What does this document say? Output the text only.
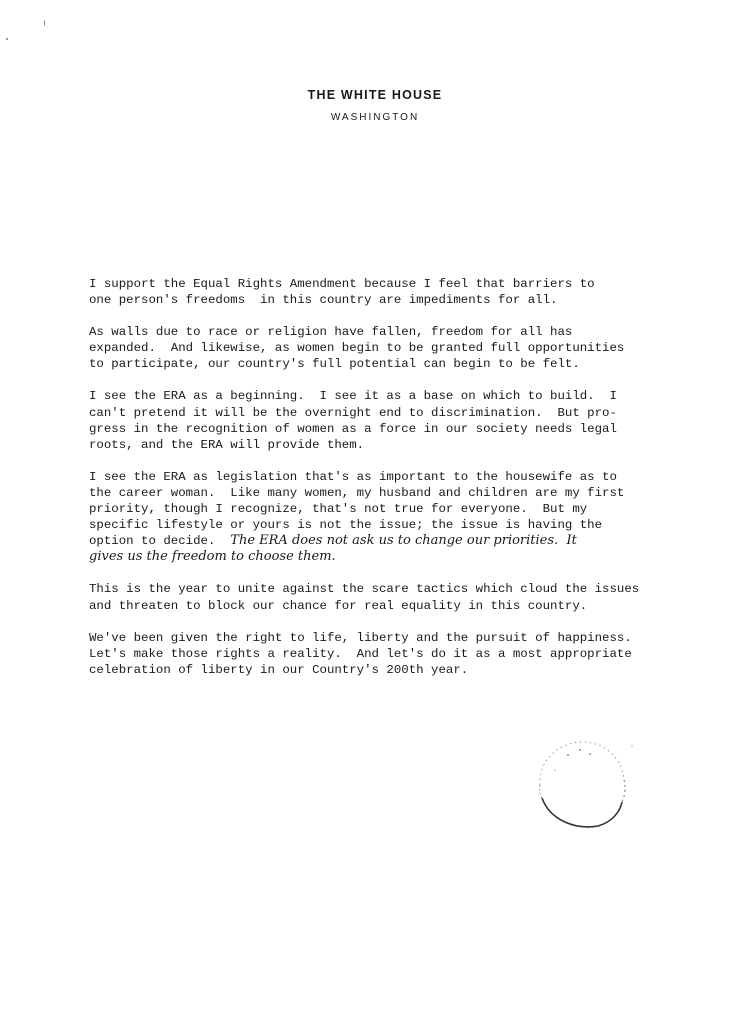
THE WHITE HOUSE
WASHINGTON

I support the Equal Rights Amendment because I feel that barriers to
one person's freedoms  in this country are impediments for all.

As walls due to race or religion have fallen, freedom for all has
expanded.  And likewise, as women begin to be granted full opportunities
to participate, our country's full potential can begin to be felt.

I see the ERA as a beginning.  I see it as a base on which to build.  I
can't pretend it will be the overnight end to discrimination.  But pro-
gress in the recognition of women as a force in our society needs legal
roots, and the ERA will provide them.

I see the ERA as legislation that's as important to the housewife as to
the career woman.  Like many women, my husband and children are my first
priority, though I recognize, that's not true for everyone.  But my
specific lifestyle or yours is not the issue; the issue is having the
option to decide.  The ERA does not ask us to change our priorities.  It
gives us the freedom to choose them.

This is the year to unite against the scare tactics which cloud the issues
and threaten to block our chance for real equality in this country.

We've been given the right to life, liberty and the pursuit of happiness.
Let's make those rights a reality.  And let's do it as a most appropriate
celebration of liberty in our Country's 200th year.
